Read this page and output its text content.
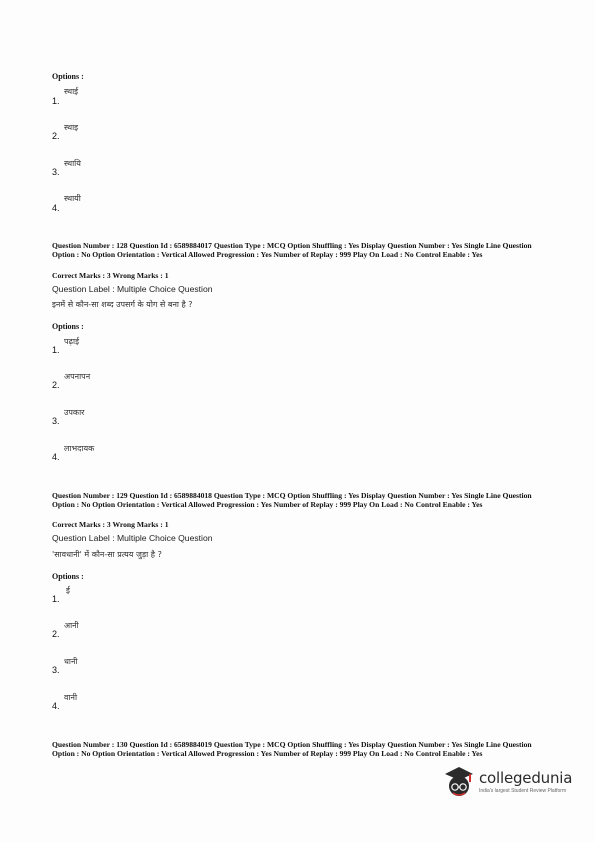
Options :
स्थाई
1.
स्थाइ
2.
स्थायि
3.
स्थायी
4.
Question Number : 128 Question Id : 6589884017 Question Type : MCQ Option Shuffling : Yes Display Question Number : Yes Single Line Question Option : No Option Orientation : Vertical Allowed Progression : Yes Number of Replay : 999 Play On Load : No Control Enable : Yes
Correct Marks : 3 Wrong Marks : 1
Question Label : Multiple Choice Question
इनमें से कौन-सा शब्द उपसर्ग के योग से बना है ?
Options :
पढ़ाई
1.
अपनापन
2.
उपकार
3.
लाभदायक
4.
Question Number : 129 Question Id : 6589884018 Question Type : MCQ Option Shuffling : Yes Display Question Number : Yes Single Line Question Option : No Option Orientation : Vertical Allowed Progression : Yes Number of Replay : 999 Play On Load : No Control Enable : Yes
Correct Marks : 3 Wrong Marks : 1
Question Label : Multiple Choice Question
'सावधानी' में कौन-सा प्रत्यय जुड़ा है ?
Options :
ई
1.
आनी
2.
धानी
3.
वानी
4.
Question Number : 130 Question Id : 6589884019 Question Type : MCQ Option Shuffling : Yes Display Question Number : Yes Single Line Question Option : No Option Orientation : Vertical Allowed Progression : Yes Number of Replay : 999 Play On Load : No Control Enable : Yes
collegedunia
India's largest Student Review Platform
